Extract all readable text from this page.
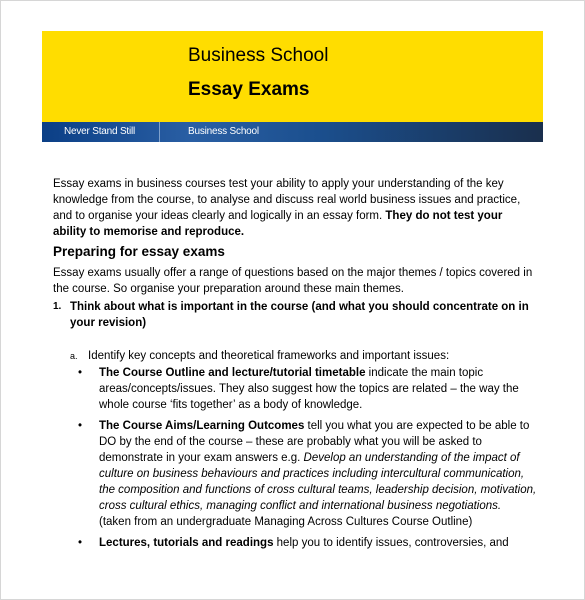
Business School
Essay Exams
Never Stand Still	Business School

Essay exams in business courses test your ability to apply your understanding of the key knowledge from the course, to analyse and discuss real world business issues and practice, and to organise your ideas clearly and logically in an essay form. They do not test your ability to memorise and reproduce.

Preparing for essay exams

Essay exams usually offer a range of questions based on the major themes / topics covered in the course. So organise your preparation around these main themes.

1. Think about what is important in the course (and what you should concentrate on in your revision)
a. Identify key concepts and theoretical frameworks and important issues:
• The Course Outline and lecture/tutorial timetable indicate the main topic areas/concepts/issues. They also suggest how the topics are related – the way the whole course ‘fits together’ as a body of knowledge.
• The Course Aims/Learning Outcomes tell you what you are expected to be able to DO by the end of the course – these are probably what you will be asked to demonstrate in your exam answers e.g. Develop an understanding of the impact of culture on business behaviours and practices including intercultural communication, the composition and functions of cross cultural teams, leadership decision, motivation, cross cultural ethics, managing conflict and international business negotiations.
(taken from an undergraduate Managing Across Cultures Course Outline)
• Lectures, tutorials and readings help you to identify issues, controversies, and
